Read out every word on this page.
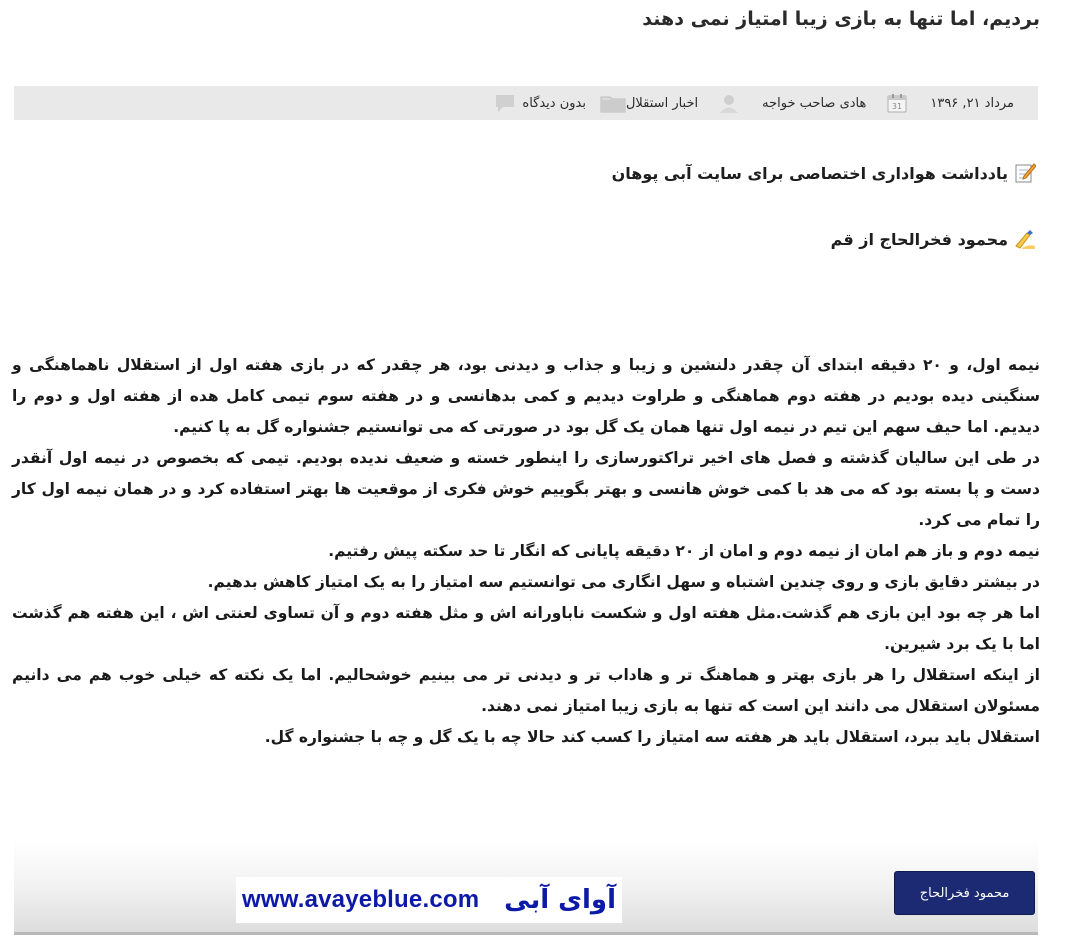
بردیم، اما تنها به بازی زیبا امتیاز نمی دهند
مرداد ۲۱, ۱۳۹۶
31
هادی صاحب خواجه
اخبار استقلال
بدون دیدگاه
یادداشت هواداری اختصاصی برای سایت آبی پوهان
محمود فخرالحاج از قم

نیمه اول، و ۲۰ دقیقه ابتدای آن چقدر دلنشین و زیبا و جذاب و دیدنی بود، هر چقدر که در بازی هفته اول از استقلال ناهماهنگی و سنگینی دیده بودیم در هفته دوم هماهنگی و طراوت دیدیم و کمی بدهانسی و در هفته سوم تیمی کامل هده از هفته اول و دوم را دیدیم. اما حیف سهم این تیم در نیمه اول تنها همان یک گل بود در صورتی که می توانستیم جشنواره گل به پا کنیم.

در طی این سالیان گذشته و فصل های اخیر تراکتورسازی را اینطور خسته و ضعیف ندیده بودیم. تیمی که بخصوص در نیمه اول آنقدر دست و پا بسته بود که می هد با کمی خوش هانسی و بهتر بگوییم خوش فکری از موقعیت ها بهتر استفاده کرد و در همان نیمه اول کار را تمام می کرد.

نیمه دوم و باز هم امان از نیمه دوم و امان از ۲۰ دقیقه پایانی که انگار تا حد سکته پیش رفتیم.

در بیشتر دقایق بازی و روی چندین اشتباه و سهل انگاری می توانستیم سه امتیاز را به یک امتیاز کاهش بدهیم.

اما هر چه بود این بازی هم گذشت.مثل هفته اول و شکست ناباورانه اش و مثل هفته دوم و آن تساوی لعنتی اش ، این هفته هم گذشت اما با یک برد شیرین.

از اینکه استقلال را هر بازی بهتر و هماهنگ تر و هاداب تر و دیدنی تر می بینیم خوشحالیم. اما یک نکته که خیلی خوب هم می دانیم مسئولان استقلال می دانند این است که تنها به بازی زیبا امتیاز نمی دهند.

استقلال باید ببرد، استقلال باید هر هفته سه امتیاز را کسب کند حالا چه با یک گل و چه با جشنواره گل.

محمود فخرالحاج
www.avayeblue.com آوای آبی
